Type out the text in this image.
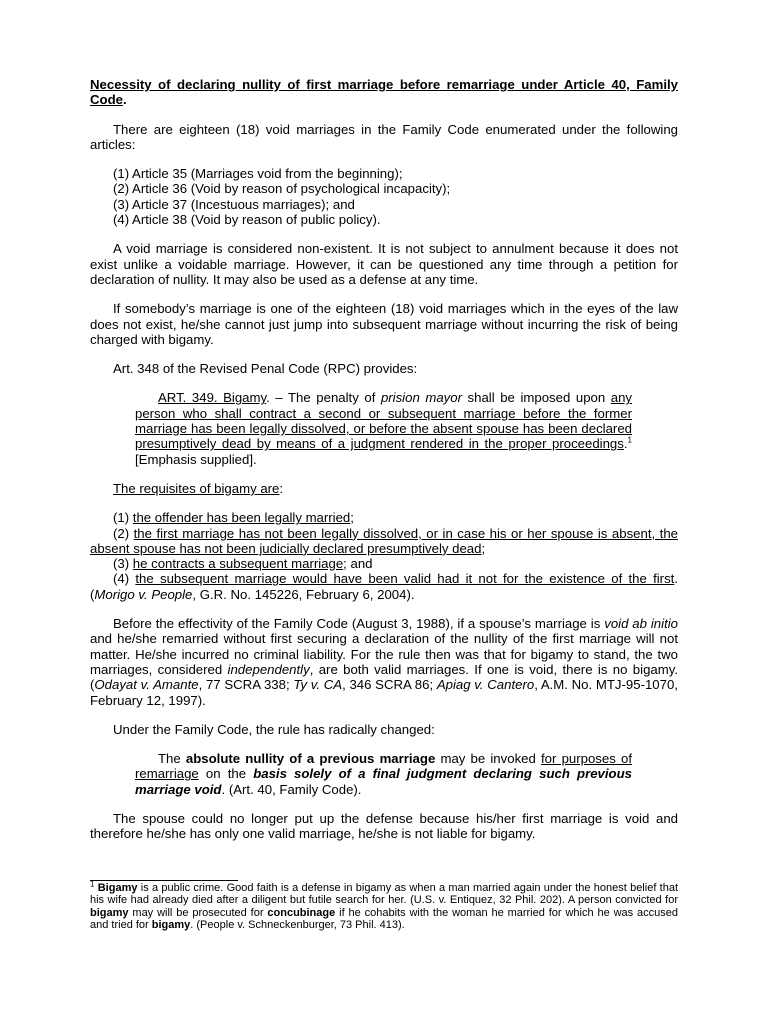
Necessity of declaring nullity of first marriage before remarriage under Article 40, Family Code.

There are eighteen (18) void marriages in the Family Code enumerated under the following articles:

(1) Article 35 (Marriages void from the beginning);

(2) Article 36 (Void by reason of psychological incapacity);

(3) Article 37 (Incestuous marriages); and

(4) Article 38 (Void by reason of public policy).

A void marriage is considered non-existent. It is not subject to annulment because it does not exist unlike a voidable marriage. However, it can be questioned any time through a petition for declaration of nullity. It may also be used as a defense at any time.

If somebody’s marriage is one of the eighteen (18) void marriages which in the eyes of the law does not exist, he/she cannot just jump into subsequent marriage without incurring the risk of being charged with bigamy.

Art. 348 of the Revised Penal Code (RPC) provides:

ART. 349. Bigamy. – The penalty of prision mayor shall be imposed upon any person who shall contract a second or subsequent marriage before the former marriage has been legally dissolved, or before the absent spouse has been declared presumptively dead by means of a judgment rendered in the proper proceedings.$^1$ [Emphasis supplied].

The requisites of bigamy are:

(1) the offender has been legally married;

(2) the first marriage has not been legally dissolved, or in case his or her spouse is absent, the absent spouse has not been judicially declared presumptively dead;

(3) he contracts a subsequent marriage; and

(4) the subsequent marriage would have been valid had it not for the existence of the first. (Morigo v. People, G.R. No. 145226, February 6, 2004).

Before the effectivity of the Family Code (August 3, 1988), if a spouse’s marriage is void ab initio and he/she remarried without first securing a declaration of the nullity of the first marriage will not matter. He/she incurred no criminal liability. For the rule then was that for bigamy to stand, the two marriages, considered independently, are both valid marriages. If one is void, there is no bigamy. (Odayat v. Amante, 77 SCRA 338; Ty v. CA, 346 SCRA 86; Apiag v. Cantero, A.M. No. MTJ-95-1070, February 12, 1997).

Under the Family Code, the rule has radically changed:

The absolute nullity of a previous marriage may be invoked for purposes of remarriage on the basis solely of a final judgment declaring such previous marriage void. (Art. 40, Family Code).

The spouse could no longer put up the defense because his/her first marriage is void and therefore he/she has only one valid marriage, he/she is not liable for bigamy.

$^1$ Bigamy is a public crime. Good faith is a defense in bigamy as when a man married again under the honest belief that his wife had already died after a diligent but futile search for her. (U.S. v. Entiquez, 32 Phil. 202). A person convicted for bigamy may will be prosecuted for concubinage if he cohabits with the woman he married for which he was accused and tried for bigamy. (People v. Schneckenburger, 73 Phil. 413).
